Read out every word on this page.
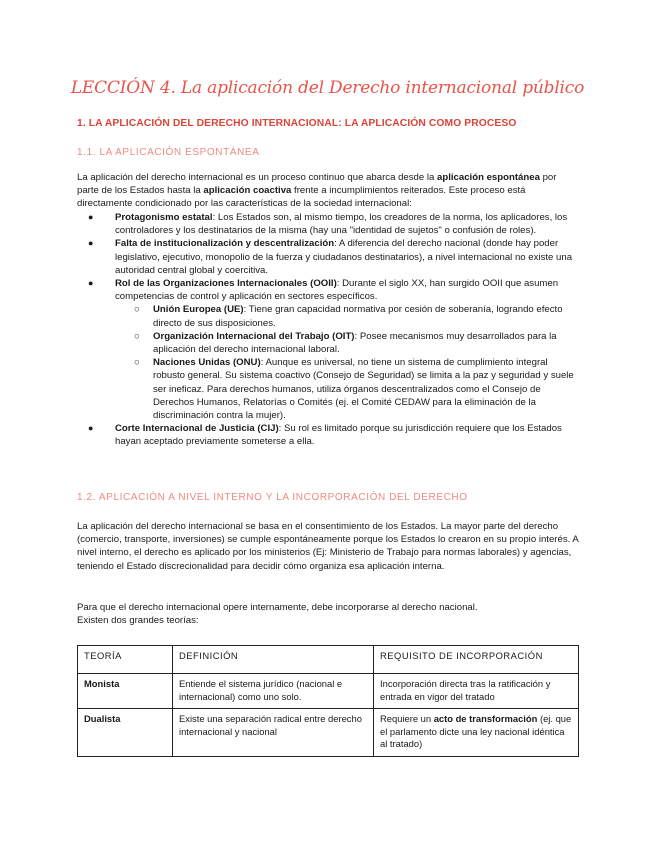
LECCIÓN 4. La aplicación del Derecho internacional público
1. LA APLICACIÓN DEL DERECHO INTERNACIONAL: LA APLICACIÓN COMO PROCESO
1.1. LA APLICACIÓN ESPONTÁNEA

La aplicación del derecho internacional es un proceso continuo que abarca desde la aplicación espontánea por parte de los Estados hasta la aplicación coactiva frente a incumplimientos reiterados. Este proceso está directamente condicionado por las características de la sociedad internacional:

● Protagonismo estatal: Los Estados son, al mismo tiempo, los creadores de la norma, los aplicadores, los controladores y los destinatarios de la misma (hay una "identidad de sujetos" o confusión de roles).
● Falta de institucionalización y descentralización: A diferencia del derecho nacional (donde hay poder legislativo, ejecutivo, monopolio de la fuerza y ciudadanos destinatarios), a nivel internacional no existe una autoridad central global y coercitiva.
● Rol de las Organizaciones Internacionales (OOII): Durante el siglo XX, han surgido OOII que asumen competencias de control y aplicación en sectores específicos.
○ Unión Europea (UE): Tiene gran capacidad normativa por cesión de soberanía, logrando efecto directo de sus disposiciones.
○ Organización Internacional del Trabajo (OIT): Posee mecanismos muy desarrollados para la aplicación del derecho internacional laboral.
○ Naciones Unidas (ONU): Aunque es universal, no tiene un sistema de cumplimiento integral robusto general. Su sistema coactivo (Consejo de Seguridad) se limita a la paz y seguridad y suele ser ineficaz. Para derechos humanos, utiliza órganos descentralizados como el Consejo de Derechos Humanos, Relatorías o Comités (ej. el Comité CEDAW para la eliminación de la discriminación contra la mujer).
● Corte Internacional de Justicia (CIJ): Su rol es limitado porque su jurisdicción requiere que los Estados hayan aceptado previamente someterse a ella.
1.2. APLICACIÓN A NIVEL INTERNO Y LA INCORPORACIÓN DEL DERECHO

La aplicación del derecho internacional se basa en el consentimiento de los Estados. La mayor parte del derecho (comercio, transporte, inversiones) se cumple espontáneamente porque los Estados lo crearon en su propio interés. A nivel interno, el derecho es aplicado por los ministerios (Ej: Ministerio de Trabajo para normas laborales) y agencias, teniendo el Estado discrecionalidad para decidir cómo organiza esa aplicación interna.

Para que el derecho internacional opere internamente, debe incorporarse al derecho nacional.
Existen dos grandes teorías:

TEORÍA	DEFINICIÓN	REQUISITO DE INCORPORACIÓN
Monista	Entiende el sistema jurídico (nacional e internacional) como uno solo.	Incorporación directa tras la ratificación y entrada en vigor del tratado
Dualista	Existe una separación radical entre derecho internacional y nacional	Requiere un acto de transformación (ej. que el parlamento dicte una ley nacional idéntica al tratado)
